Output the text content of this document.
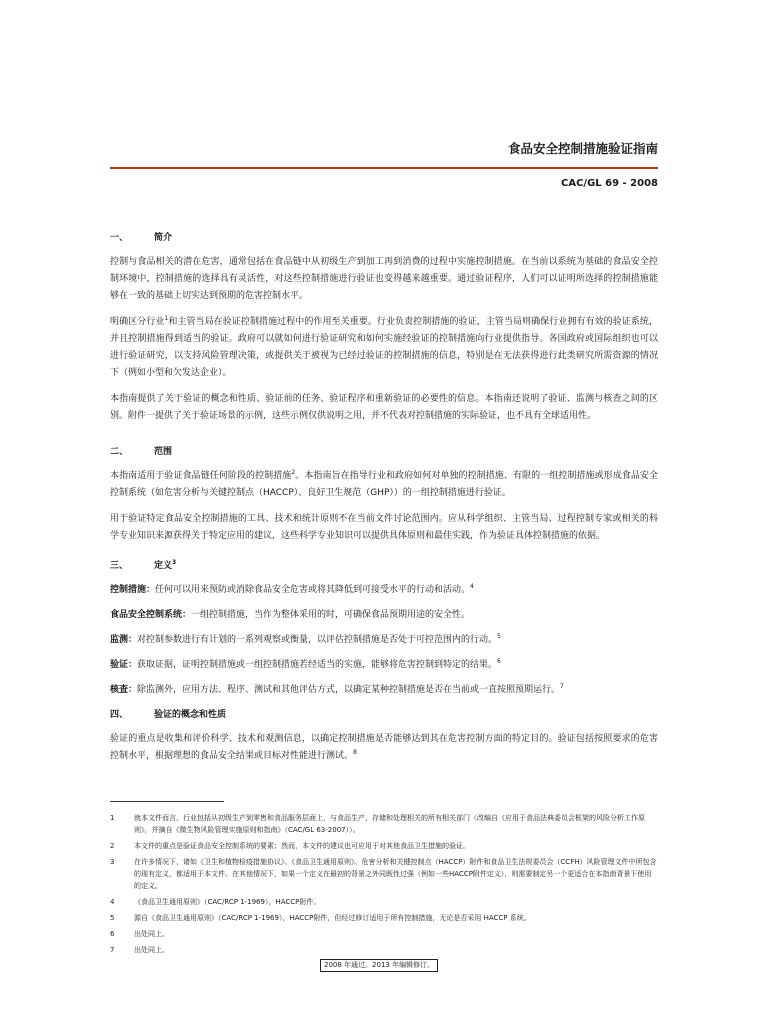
食品安全控制措施验证指南
CAC/GL 69 - 2008
一、	简介
控制与食品相关的潜在危害，通常包括在食品链中从初级生产到加工再到消费的过程中实施控制措施。在当前以系统为基础的食品安全控制环境中，控制措施的选择具有灵活性，对这些控制措施进行验证也变得越来越重要。通过验证程序，人们可以证明所选择的控制措施能够在一致的基础上切实达到预期的危害控制水平。
明确区分行业$^1$和主管当局在验证控制措施过程中的作用至关重要。行业负责控制措施的验证，主管当局则确保行业拥有有效的验证系统，并且控制措施得到适当的验证。政府可以就如何进行验证研究和如何实施经验证的控制措施向行业提供指导。各国政府或国际组织也可以进行验证研究，以支持风险管理决策，或提供关于被视为已经过验证的控制措施的信息，特别是在无法获得进行此类研究所需资源的情况下（例如小型和欠发达企业）。
本指南提供了关于验证的概念和性质、验证前的任务、验证程序和重新验证的必要性的信息。本指南还说明了验证、监测与核查之间的区别。附件一提供了关于验证场景的示例，这些示例仅供说明之用，并不代表对控制措施的实际验证，也不具有全球适用性。
二、	范围
本指南适用于验证食品链任何阶段的控制措施$^2$。本指南旨在指导行业和政府如何对单独的控制措施、有限的一组控制措施或形成食品安全控制系统（如危害分析与关键控制点（HACCP）、良好卫生规范（GHP））的一组控制措施进行验证。
用于验证特定食品安全控制措施的工具、技术和统计原则不在当前文件讨论范围内。应从科学组织、主管当局、过程控制专家或相关的科学专业知识来源获得关于特定应用的建议，这些科学专业知识可以提供具体原则和最佳实践，作为验证具体控制措施的依据。
三、	定义$^3$
控制措施：任何可以用来预防或消除食品安全危害或将其降低到可接受水平的行动和活动。$^4$
食品安全控制系统：一组控制措施，当作为整体采用的时，可确保食品预期用途的安全性。
监测：对控制参数进行有计划的一系列观察或衡量，以评估控制措施是否处于可控范围内的行动。$^5$
验证：获取证据，证明控制措施或一组控制措施若经适当的实施，能够将危害控制到特定的结果。$^6$
核查：除监测外，应用方法、程序、测试和其他评估方式，以确定某种控制措施是否在当前或一直按照预期运行。$^7$
四、	验证的概念和性质
验证的重点是收集和评价科学、技术和观测信息，以确定控制措施是否能够达到其在危害控制方面的特定目的。验证包括按照要求的危害控制水平，根据理想的食品安全结果或目标对性能进行测试。$^8$
1	就本文件而言，行业包括从初级生产到零售和食品服务层面上，与食品生产、存储和处理相关的所有相关部门（改编自《应用于食品法典委员会框架的风险分析工作原则》，并摘自《微生物风险管理实施原则和指南》（CAC/GL 63-2007））。
2	本文件的重点是验证食品安全控制系统的要素；然而，本文件的建议也可应用于对其他食品卫生措施的验证。
3	在许多情况下，诸如《卫生和植物检疫措施协议》、《食品卫生通用原则》、危害分析和关键控制点（HACCP）附件和食品卫生法规委员会（CCFH）风险管理文件中所包含的现有定义，都适用于本文件。在其他情况下，如果一个定义在最初的背景之外同既性过强（例如一些HACCP附件定义），则需要制定另一个更适合在本指南背景下使用的定义。
4	《食品卫生通用原则》（CAC/RCP 1-1969），HACCP附件。
5	源自《食品卫生通用原则》（CAC/RCP 1-1969），HACCP附件，但经过修订适用于所有控制措施，无论是否采用 HACCP 系统。
6	出处同上。
7	出处同上。
2008 年通过。2013 年编辑修订。
